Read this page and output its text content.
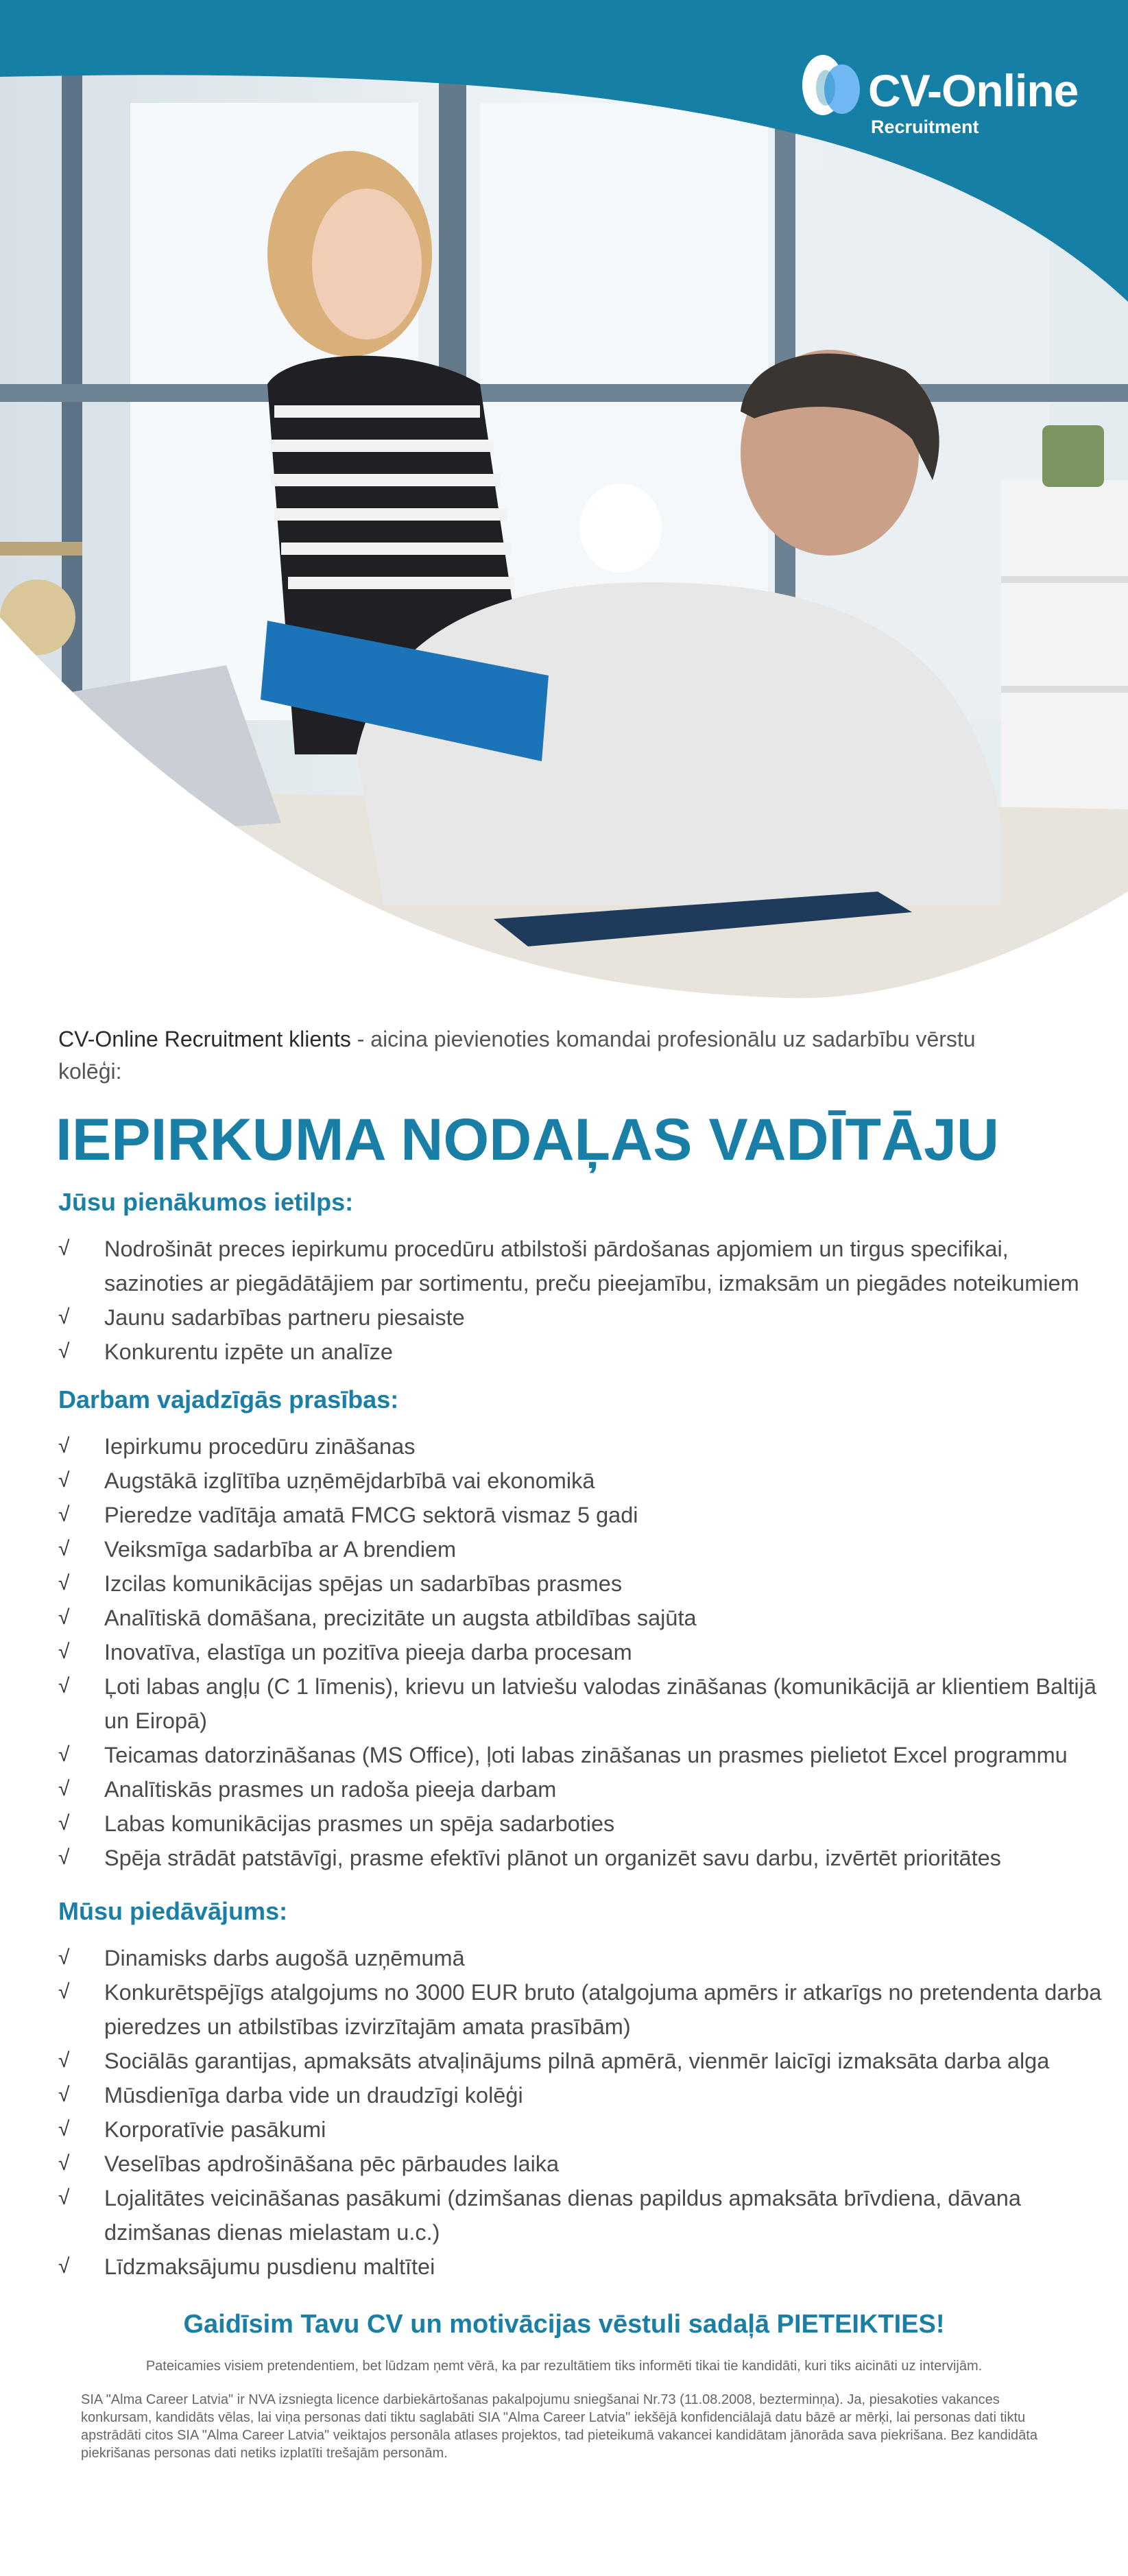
CV-Online
Recruitment

CV-Online Recruitment klients - aicina pievienoties komandai profesionālu uz sadarbību vērstu kolēģi:

IEPIRKUMA NODAĻAS VADĪTĀJU
Jūsu pienākumos ietilps:
√ Nodrošināt preces iepirkumu procedūru atbilstoši pārdošanas apjomiem un tirgus specifikai, sazinoties ar piegādātājiem par sortimentu, preču pieejamību, izmaksām un piegādes noteikumiem
√ Jaunu sadarbības partneru piesaiste
√ Konkurentu izpēte un analīze
Darbam vajadzīgās prasības:
√ Iepirkumu procedūru zināšanas
√ Augstākā izglītība uzņēmējdarbībā vai ekonomikā
√ Pieredze vadītāja amatā FMCG sektorā vismaz 5 gadi
√ Veiksmīga sadarbība ar A brendiem
√ Izcilas komunikācijas spējas un sadarbības prasmes
√ Analītiskā domāšana, precizitāte un augsta atbildības sajūta
√ Inovatīva, elastīga un pozitīva pieeja darba procesam
√ Ļoti labas angļu (C 1 līmenis), krievu un latviešu valodas zināšanas (komunikācijā ar klientiem Baltijā un Eiropā)
√ Teicamas datorzināšanas (MS Office), ļoti labas zināšanas un prasmes pielietot Excel programmu
√ Analītiskās prasmes un radoša pieeja darbam
√ Labas komunikācijas prasmes un spēja sadarboties
√ Spēja strādāt patstāvīgi, prasme efektīvi plānot un organizēt savu darbu, izvērtēt prioritātes
Mūsu piedāvājums:
√ Dinamisks darbs augošā uzņēmumā
√ Konkurētspējīgs atalgojums no 3000 EUR bruto (atalgojuma apmērs ir atkarīgs no pretendenta darba pieredzes un atbilstības izvirzītajām amata prasībām)
√ Sociālās garantijas, apmaksāts atvaļinājums pilnā apmērā, vienmēr laicīgi izmaksāta darba alga
√ Mūsdienīga darba vide un draudzīgi kolēģi
√ Korporatīvie pasākumi
√ Veselības apdrošināšana pēc pārbaudes laika
√ Lojalitātes veicināšanas pasākumi (dzimšanas dienas papildus apmaksāta brīvdiena, dāvana dzimšanas dienas mielastam u.c.)
√ Līdzmaksājumu pusdienu maltītei
Gaidīsim Tavu CV un motivācijas vēstuli sadaļā PIETEIKTIES!
Pateicamies visiem pretendentiem, bet lūdzam ņemt vērā, ka par rezultātiem tiks informēti tikai tie kandidāti, kuri tiks aicināti uz intervijām.
SIA "Alma Career Latvia" ir NVA izsniegta licence darbiekārtošanas pakalpojumu sniegšanai Nr.73 (11.08.2008, bezterminņa). Ja, piesakoties vakances konkursam, kandidāts vēlas, lai viņa personas dati tiktu saglabāti SIA "Alma Career Latvia" iekšējā konfidenciālajā datu bāzē ar mērķi, lai personas dati tiktu apstrādāti citos SIA "Alma Career Latvia" veiktajos personāla atlases projektos, tad pieteikumā vakancei kandidātam jānorāda sava piekrišana. Bez kandidāta piekrišanas personas dati netiks izplatīti trešajām personām.
